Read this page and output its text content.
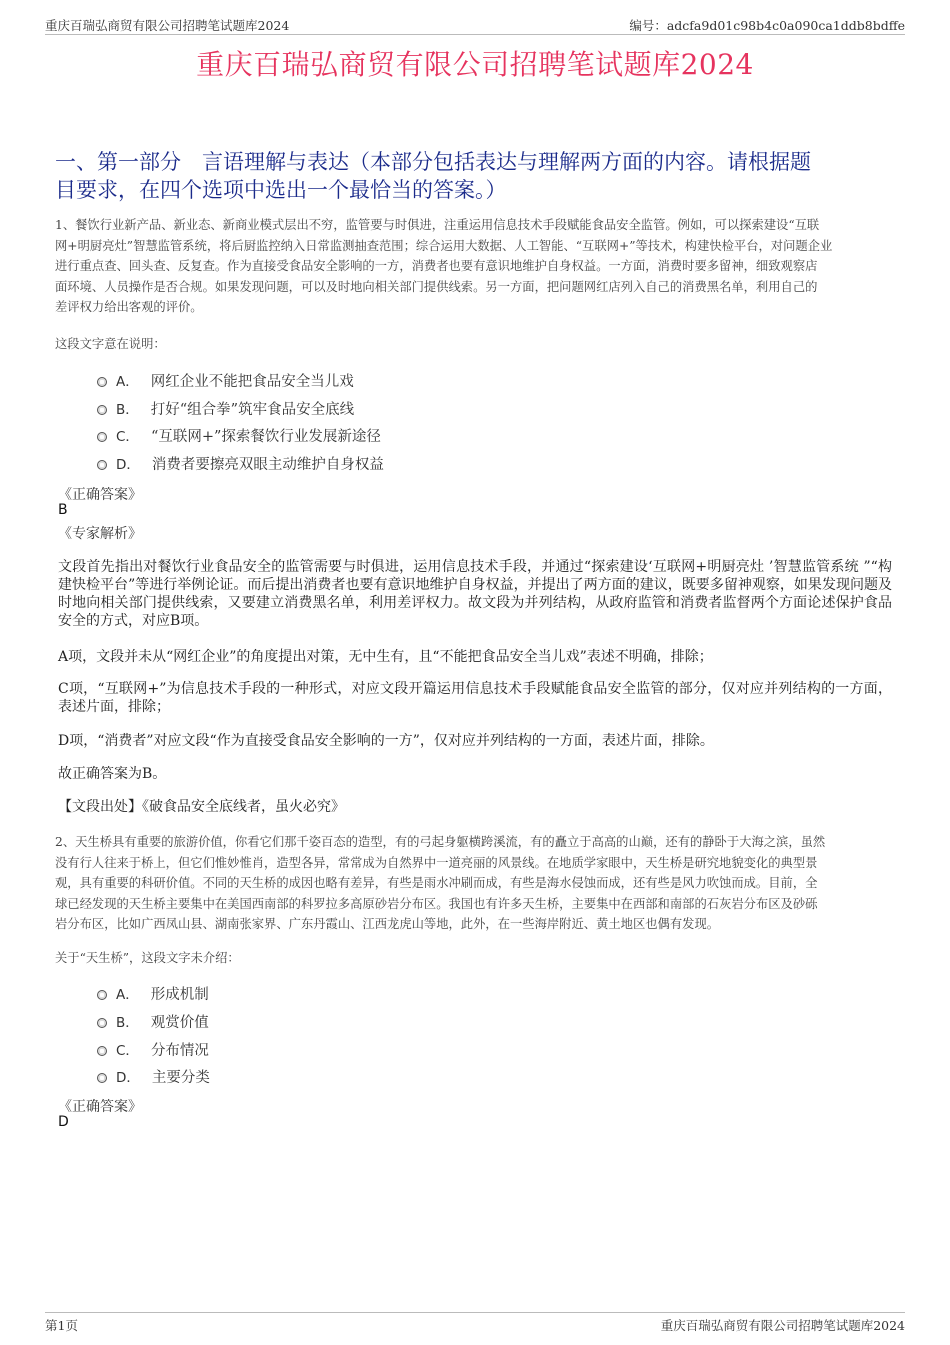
重庆百瑞弘商贸有限公司招聘笔试题库2024	编号：adcfa9d01c98b4c0a090ca1ddb8bdffe
重庆百瑞弘商贸有限公司招聘笔试题库2024
一、第一部分　言语理解与表达（本部分包括表达与理解两方面的内容。请根据题
目要求，在四个选项中选出一个最恰当的答案。）
1、餐饮行业新产品、新业态、新商业模式层出不穷，监管要与时俱进，注重运用信息技术手段赋能食品安全监管。例如，可以探索建设“互联
网+明厨亮灶”智慧监管系统，将后厨监控纳入日常监测抽查范围；综合运用大数据、人工智能、“互联网+”等技术，构建快检平台，对问题企业
进行重点查、回头查、反复查。作为直接受食品安全影响的一方，消费者也要有意识地维护自身权益。一方面，消费时要多留神，细致观察店
面环境、人员操作是否合规。如果发现问题，可以及时地向相关部门提供线索。另一方面，把问题网红店列入自己的消费黑名单，利用自己的
差评权力给出客观的评价。
这段文字意在说明：
A． 网红企业不能把食品安全当儿戏
B． 打好“组合拳”筑牢食品安全底线
C． “互联网+”探索餐饮行业发展新途径
D． 消费者要擦亮双眼主动维护自身权益
《正确答案》
B
《专家解析》
文段首先指出对餐饮行业食品安全的监管需要与时俱进，运用信息技术手段，并通过“探索建设‘互联网+明厨亮灶 ’智慧监管系统 ”“构建快检平台”等进行举例论证。而后提出消费者也要有意识地维护自身权益，并提出了两方面的建议，既要多留神观察，如果发现问题及时地向相关部门提供线索，又要建立消费黑名单，利用差评权力。故文段为并列结构，从政府监管和消费者监督两个方面论述保护食品安全的方式，对应B项。
A项，文段并未从“网红企业”的角度提出对策，无中生有，且“不能把食品安全当儿戏”表述不明确，排除；
C项，“互联网+”为信息技术手段的一种形式，对应文段开篇运用信息技术手段赋能食品安全监管的部分，仅对应并列结构的一方面，表述片面，排除；
D项，“消费者”对应文段“作为直接受食品安全影响的一方”，仅对应并列结构的一方面，表述片面，排除。
故正确答案为B。
【文段出处】《破食品安全底线者，虽火必究》
2、天生桥具有重要的旅游价值，你看它们那千姿百态的造型，有的弓起身躯横跨溪流，有的矗立于高高的山巅，还有的静卧于大海之滨，虽然
没有行人往来于桥上，但它们惟妙惟肖，造型各异，常常成为自然界中一道亮丽的风景线。在地质学家眼中，天生桥是研究地貌变化的典型景
观，具有重要的科研价值。不同的天生桥的成因也略有差异，有些是雨水冲刷而成，有些是海水侵蚀而成，还有些是风力吹蚀而成。目前，全
球已经发现的天生桥主要集中在美国西南部的科罗拉多高原砂岩分布区。我国也有许多天生桥，主要集中在西部和南部的石灰岩分布区及砂砾
岩分布区，比如广西凤山县、湖南张家界、广东丹霞山、江西龙虎山等地，此外，在一些海岸附近、黄土地区也偶有发现。
关于“天生桥”，这段文字未介绍：
A． 形成机制
B． 观赏价值
C． 分布情况
D． 主要分类
《正确答案》
D
第1页	重庆百瑞弘商贸有限公司招聘笔试题库2024
